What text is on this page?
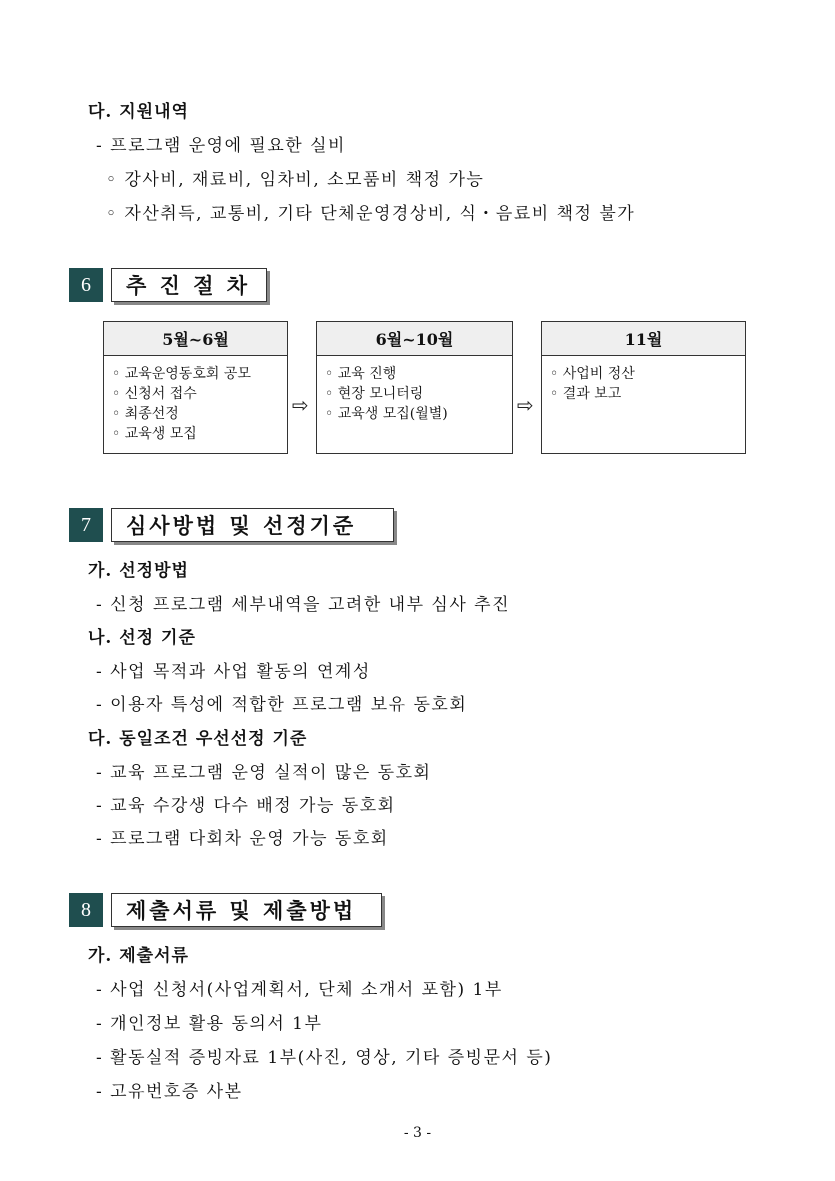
다. 지원내역
- 프로그램 운영에 필요한 실비
◦ 강사비, 재료비, 임차비, 소모품비 책정 가능
◦ 자산취득, 교통비, 기타 단체운영경상비, 식・음료비 책정 불가
6	추 진 절 차
5월~6월
◦ 교육운영동호회 공모
◦ 신청서 접수
◦ 최종선정
◦ 교육생 모집
⇨
6월~10월
◦ 교육 진행
◦ 현장 모니터링
◦ 교육생 모집(월별)	⇨
11월
◦ 사업비 정산
◦ 결과 보고
7	심사방법 및 선정기준
가. 선정방법
- 신청 프로그램 세부내역을 고려한 내부 심사 추진
나. 선정 기준
- 사업 목적과 사업 활동의 연계성
- 이용자 특성에 적합한 프로그램 보유 동호회
다. 동일조건 우선선정 기준
- 교육 프로그램 운영 실적이 많은 동호회
- 교육 수강생 다수 배정 가능 동호회
- 프로그램 다회차 운영 가능 동호회
8	제출서류 및 제출방법
가. 제출서류
- 사업 신청서(사업계획서, 단체 소개서 포함) 1부
- 개인정보 활용 동의서 1부
- 활동실적 증빙자료 1부(사진, 영상, 기타 증빙문서 등)
- 고유번호증 사본
- 3 -
